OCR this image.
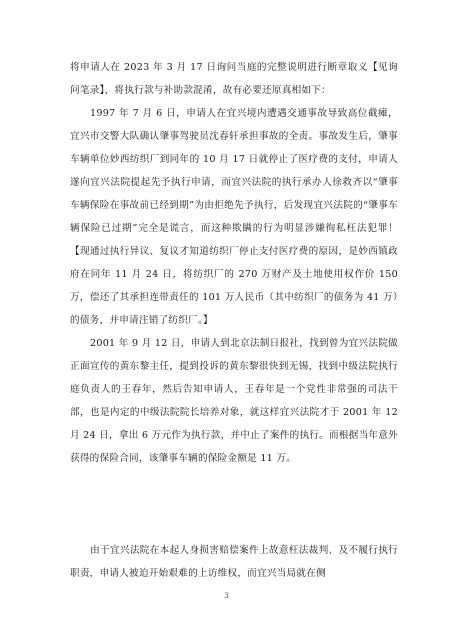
将申请人在 2023 年 3 月 17 日询问当庭的完整说明进行断章取义【见询问笔录】，将执行款与补助款混淆，故有必要还原真相如下：

1997 年 7 月 6 日，申请人在宜兴境内遭遇交通事故导致高位截瘫，宜兴市交警大队确认肇事驾驶员沈春轩承担事故的全责。事故发生后，肇事车辆单位妙西纺织厂到同年的 10 月 17 日就停止了医疗费的支付，申请人遂向宜兴法院提起先予执行申请，而宜兴法院的执行承办人徐救齐以“肇事车辆保险在事故前已经到期”为由拒绝先予执行，后发现宜兴法院的“肇事车辆保险已过期”完全是谎言，而这种欺瞒的行为明显涉嫌徇私枉法犯罪！【现通过执行异议、复议才知道纺织厂停止支付医疗费的原因，是妙西镇政府在同年 11 月 24 日，将纺织厂的 270 万财产及土地使用权作价 150 万，偿还了其承担连带责任的 101 万人民币（其中纺织厂的债务为 41 万）的债务，并申请注销了纺织厂。】

2001 年 9 月 12 日，申请人到北京法制日报社，找到曾为宜兴法院做正面宣传的黄东黎主任，提到投诉的黄东黎很快到无锡，找到中级法院执行庭负责人的王春年，然后告知申请人，王春年是一个党性非常强的司法干部，也是内定的中级法院院长培养对象，就这样宜兴法院才于 2001 年 12 月 24 日，拿出 6 万元作为执行款，并中止了案件的执行。而根据当年意外获得的保险合同，该肇事车辆的保险金额是 11 万。

由于宜兴法院在本起人身损害赔偿案件上故意枉法裁判、及不履行执行职责，申请人被迫开始艰难的上访维权，而宜兴当局就在侧

3
